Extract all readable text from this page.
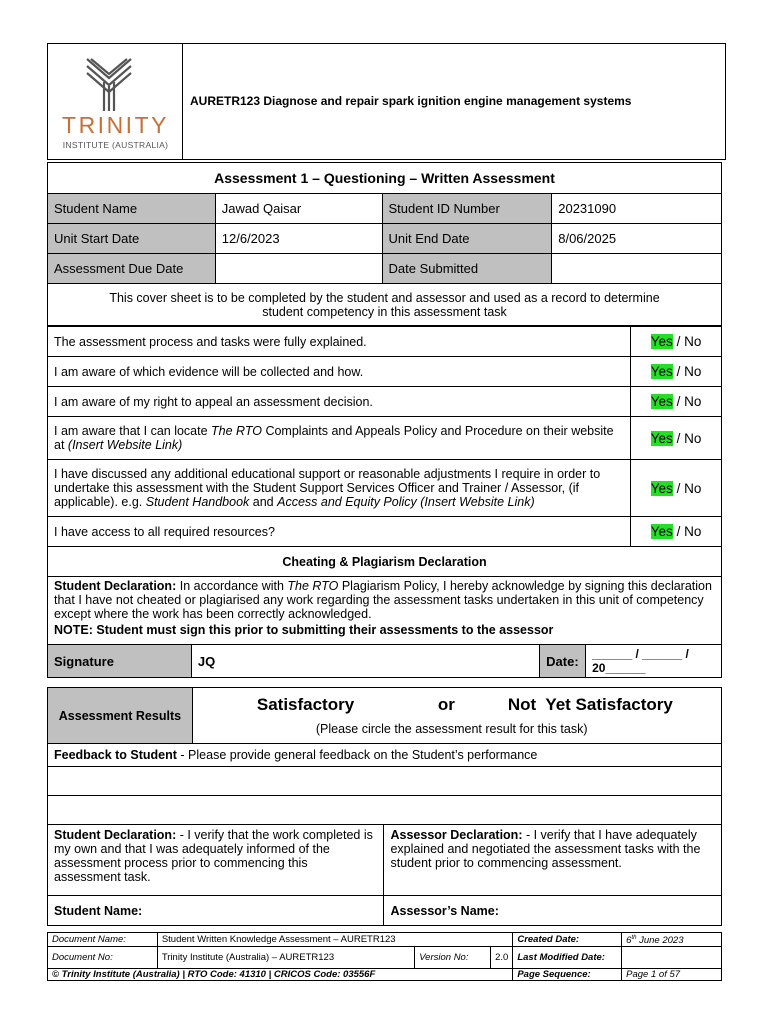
TRINITY
INSTITUTE (AUSTRALIA)
AURETR123 Diagnose and repair spark ignition engine management systems
Assessment 1 – Questioning – Written Assessment			
Student Name	Jawad Qaisar	Student ID Number	20231090
Unit Start Date	12/6/2023	Unit End Date	8/06/2025
Assessment Due Date		Date Submitted	
This cover sheet is to be completed by the student and assessor and used as a record to determine student competency in this assessment task			
The assessment process and tasks were fully explained.	Yes / No
I am aware of which evidence will be collected and how.	Yes / No
I am aware of my right to appeal an assessment decision.	Yes / No
I am aware that I can locate The RTO Complaints and Appeals Policy and Procedure on their website at (Insert Website Link)	Yes / No
I have discussed any additional educational support or reasonable adjustments I require in order to undertake this assessment with the Student Support Services Officer and Trainer / Assessor, (if applicable). e.g. Student Handbook and Access and Equity Policy (Insert Website Link)	Yes / No
I have access to all required resources?	Yes / No
Cheating & Plagiarism Declaration
Student Declaration: In accordance with The RTO Plagiarism Policy, I hereby acknowledge by signing this declaration that I have not cheated or plagiarised any work regarding the assessment tasks undertaken in this unit of competency except where the work has been correctly acknowledged.
NOTE: Student must sign this prior to submitting their assessments to the assessor

Signature	JQ	Date:	______ / ______ / 20______
Assessment Results	Satisfactory or Not  Yet Satisfactory
(Please circle the assessment result for this task)	

Feedback to Student - Please provide general feedback on the Student’s performance		

Student Declaration: - I verify that the work completed is my own and that I was adequately informed of the assessment process prior to commencing this assessment task.		Assessor Declaration: - I verify that I have adequately explained and negotiated the assessment tasks with the student prior to commencing assessment.
Student Name:		Assessor’s Name:
Document Name:	Student Written Knowledge Assessment – AURETR123			Created Date:	6th June 2023
Document No:	Trinity Institute (Australia) – AURETR123	Version No:	2.0	Last Modified Date:	
© Trinity Institute (Australia) | RTO Code: 41310 | CRICOS Code: 03556F				Page Sequence:	Page 1 of 57
